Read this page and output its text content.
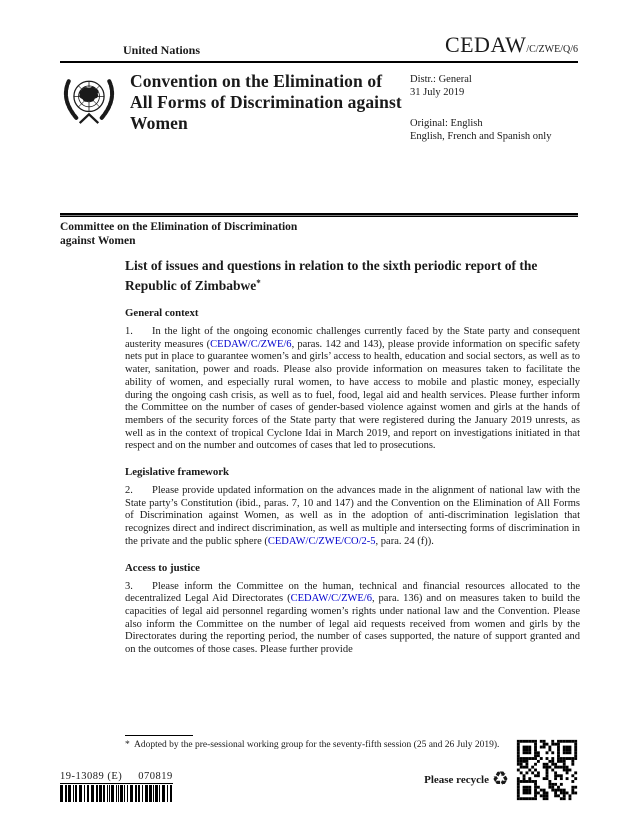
United Nations	CEDAW/C/ZWE/Q/6
Convention on the Elimination of All Forms of Discrimination against Women
Distr.: General
31 July 2019
Original: English
English, French and Spanish only
Committee on the Elimination of Discrimination
against Women
List of issues and questions in relation to the sixth periodic report of the Republic of Zimbabwe*
General context

1. In the light of the ongoing economic challenges currently faced by the State party and consequent austerity measures (CEDAW/C/ZWE/6, paras. 142 and 143), please provide information on specific safety nets put in place to guarantee women’s and girls’ access to health, education and social sectors, as well as to water, sanitation, power and roads. Please also provide information on measures taken to facilitate the ability of women, and especially rural women, to have access to mobile and plastic money, especially during the ongoing cash crisis, as well as to fuel, food, legal aid and health services. Please further inform the Committee on the number of cases of gender-based violence against women and girls at the hands of members of the security forces of the State party that were registered during the January 2019 unrests, as well as in the context of tropical Cyclone Idai in March 2019, and report on investigations initiated in that respect and on the number and outcomes of cases that led to prosecutions.

Legislative framework

2. Please provide updated information on the advances made in the alignment of national law with the State party’s Constitution (ibid., paras. 7, 10 and 147) and the Convention on the Elimination of All Forms of Discrimination against Women, as well as in the adoption of anti-discrimination legislation that recognizes direct and indirect discrimination, as well as multiple and intersecting forms of discrimination in the private and the public sphere (CEDAW/C/ZWE/CO/2-5, para. 24 (f)).

Access to justice

3. Please inform the Committee on the human, technical and financial resources allocated to the decentralized Legal Aid Directorates (CEDAW/C/ZWE/6, para. 136) and on measures taken to build the capacities of legal aid personnel regarding women’s rights under national law and the Convention. Please also inform the Committee on the number of legal aid requests received from women and girls by the Directorates during the reporting period, the number of cases supported, the nature of support granted and on the outcomes of those cases. Please further provide

* Adopted by the pre-sessional working group for the seventy-fifth session (25 and 26 July 2019).
19-13089 (E) 070819	Please recycle ♻
